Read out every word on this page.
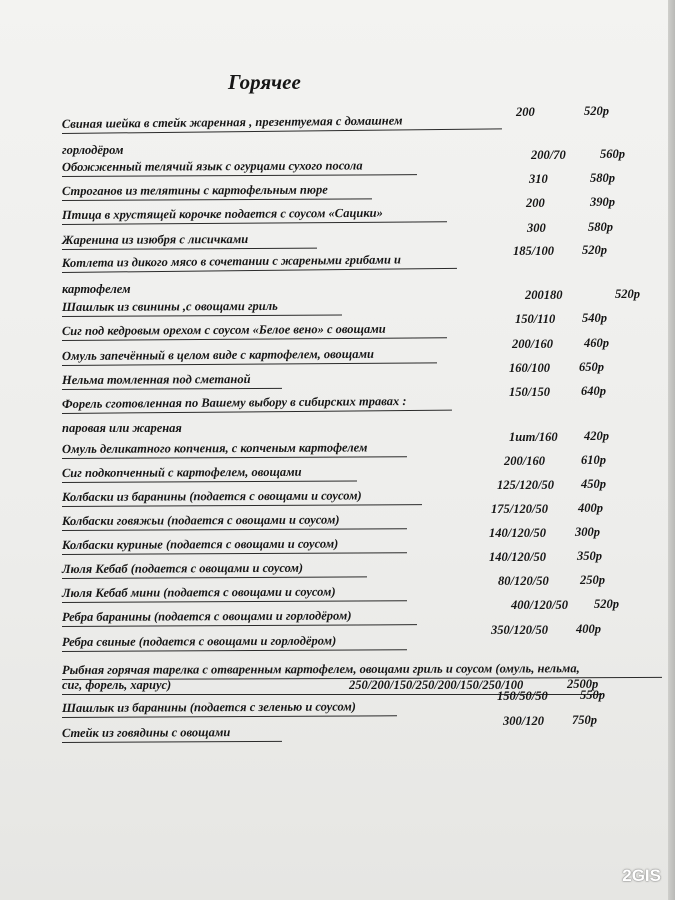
Горячее
Свиная шейка в стейк жаренная , презентуемая с домашнем
горлодёром
200	520р
Обожженный телячий язык с огурцами сухого посола
200/70	560р
Строганов из телятины с картофельным пюре
310	580р
Птица в хрустящей корочке подается с соусом «Сацики»
200	390р
Жаренина из изюбря с лисичками
300	580р
Котлета из дикого мясо в сочетании с жареными грибами и
картофелем
185/100 520р
Шашлык из свинины ,с овощами гриль
200180	520р
Сиг под кедровым орехом с соусом «Белое вено» с овощами
150/110 540р
Омуль запечённый в целом виде с картофелем, овощами
200/160 460р
Нельма томленная под сметаной
160/100 650р
Форель сготовленная по Вашему выбору в сибирских травах :
паровая или жареная
150/150 640р
Омуль деликатного копчения, с копченым картофелем
1шт/160 420р
Сиг подкопченный с картофелем, овощами
200/160	610р
Колбаски из баранины (подается с овощами и соусом)
125/120/50 450р
Колбаски говяжьи (подается с овощами и соусом)
175/120/50 400р
Колбаски куриные (подается с овощами и соусом)
140/120/50 300р
Люля Кебаб (подается с овощами и соусом)
140/120/50 350р
Люля Кебаб мини (подается с овощами и соусом)
80/120/50	250р
Ребра баранины (подается с овощами и горлодёром)
400/120/50 520р
Ребра свиные (подается с овощами и горлодёром)
350/120/50 400р
Рыбная горячая тарелка с отваренным картофелем, овощами гриль и соусом (омуль, нельма,
сиг, форель, хариус)	250/200/150/250/200/150/250/100	2500р
Шашлык из баранины (подается с зеленью и соусом)
150/50/50	550р
Стейк из говядины с овощами
300/120 750р
2GIS
